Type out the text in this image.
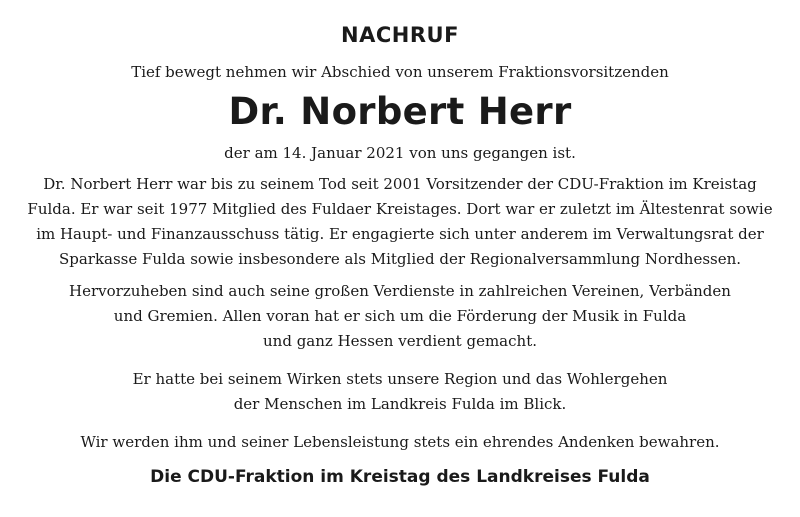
NACHRUF

Tief bewegt nehmen wir Abschied von unserem Fraktionsvorsitzenden

Dr. Norbert Herr

der am 14. Januar 2021 von uns gegangen ist.

Dr. Norbert Herr war bis zu seinem Tod seit 2001 Vorsitzender der CDU-Fraktion im Kreistag
Fulda. Er war seit 1977 Mitglied des Fuldaer Kreistages. Dort war er zuletzt im Ältestenrat sowie
im Haupt- und Finanzausschuss tätig. Er engagierte sich unter anderem im Verwaltungsrat der
Sparkasse Fulda sowie insbesondere als Mitglied der Regionalversammlung Nordhessen.

Hervorzuheben sind auch seine großen Verdienste in zahlreichen Vereinen, Verbänden
und Gremien. Allen voran hat er sich um die Förderung der Musik in Fulda
und ganz Hessen verdient gemacht.

Er hatte bei seinem Wirken stets unsere Region und das Wohlergehen
der Menschen im Landkreis Fulda im Blick.

Wir werden ihm und seiner Lebensleistung stets ein ehrendes Andenken bewahren.

Die CDU-Fraktion im Kreistag des Landkreises Fulda
